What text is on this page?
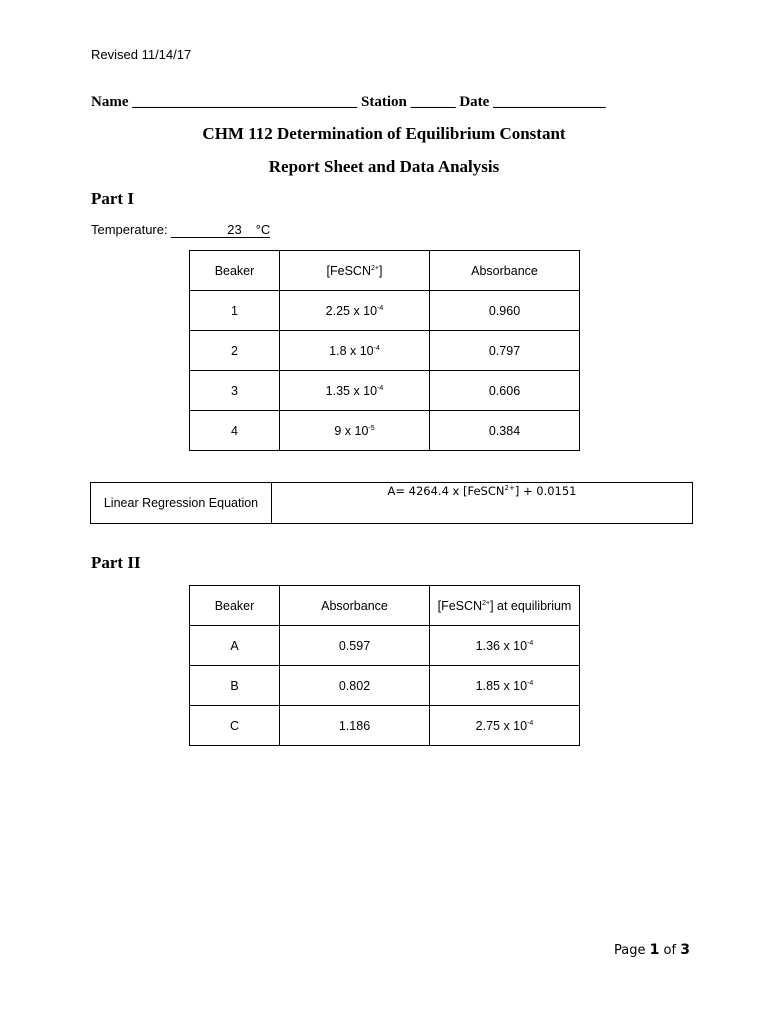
Revised 11/14/17
Name ______________________________ Station ______ Date _______________
CHM 112 Determination of Equilibrium Constant
Report Sheet and Data Analysis
Part I
Temperature:	23 °C
Beaker	[FeSCN$^{2+}$]	Absorbance
1	2.25 x $10^{-4}$	0.960
2	1.8 x $10^{-4}$	0.797
3	1.35 x $10^{-4}$	0.606
4	9 x $10^{-5}$	0.384
Linear Regression Equation	A= 4264.4 x [FeSCN$^{2+}$] + 0.0151
Part II
Beaker	Absorbance	[FeSCN$^{2+}$] at equilibrium
A	0.597	1.36 x $10^{-4}$
B	0.802	1.85 x $10^{-4}$
C	1.186	2.75 x $10^{-4}$
Page 1 of 3
